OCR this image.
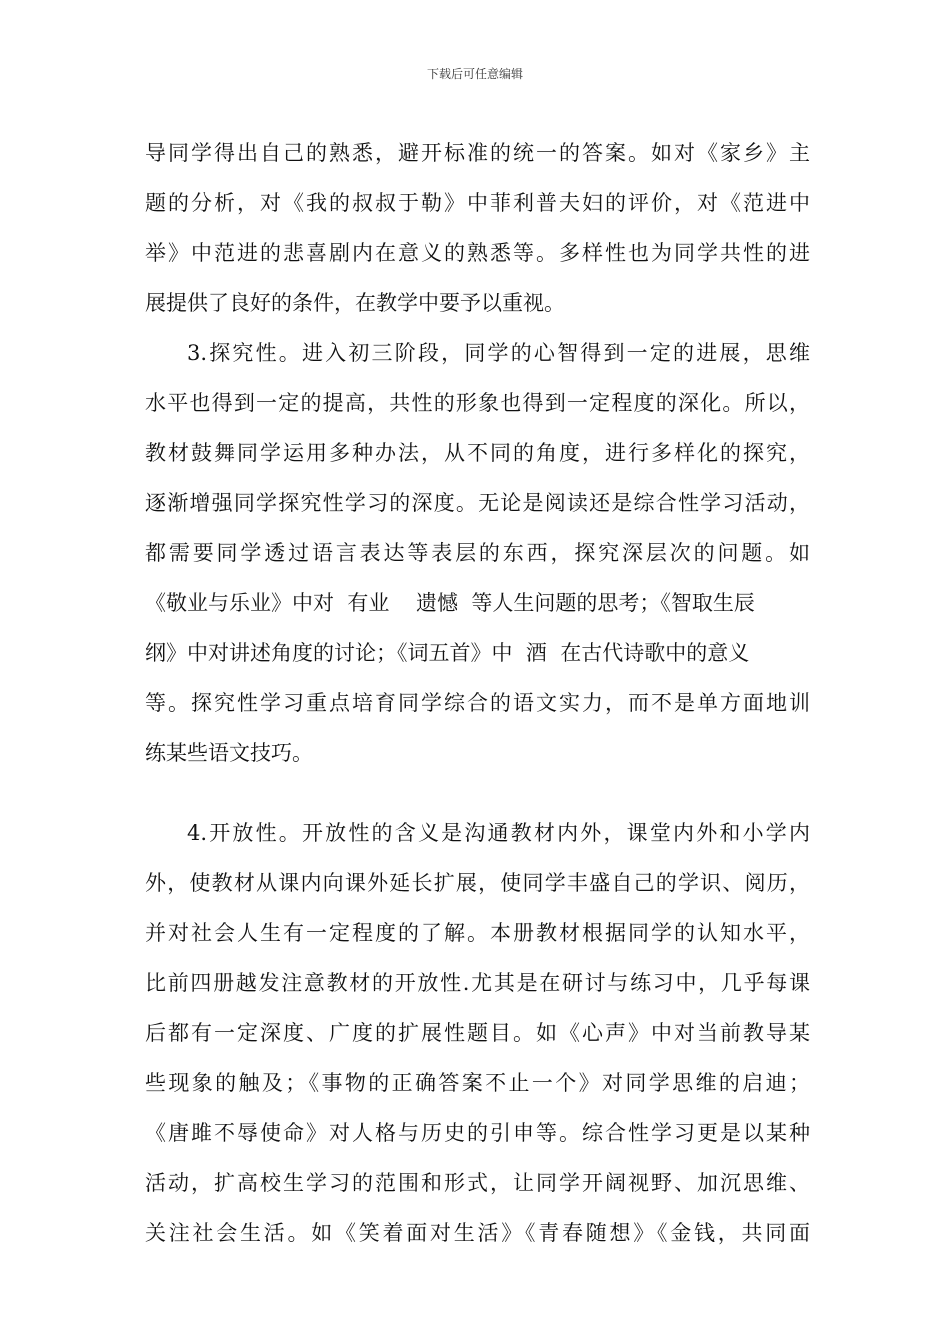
下载后可任意编辑
导同学得出自己的熟悉，避开标准的统一的答案。如对《家乡》主
题的分析，对《我的叔叔于勒》中菲利普夫妇的评价，对《范进中
举》中范进的悲喜剧内在意义的熟悉等。多样性也为同学共性的进
展提供了良好的条件，在教学中要予以重视。
3.探究性。进入初三阶段，同学的心智得到一定的进展，思维
水平也得到一定的提高，共性的形象也得到一定程度的深化。所以，
教材鼓舞同学运用多种办法，从不同的角度，进行多样化的探究，
逐渐增强同学探究性学习的深度。无论是阅读还是综合性学习活动，
都需要同学透过语言表达等表层的东西，探究深层次的问题。如
《敬业与乐业》中对  有业    遗憾  等人生问题的思考；《智取生辰
纲》中对讲述角度的讨论；《词五首》中  酒  在古代诗歌中的意义
等。探究性学习重点培育同学综合的语文实力，而不是单方面地训
练某些语文技巧。
4.开放性。开放性的含义是沟通教材内外，课堂内外和小学内
外，使教材从课内向课外延长扩展，使同学丰盛自己的学识、阅历，
并对社会人生有一定程度的了解。本册教材根据同学的认知水平，
比前四册越发注意教材的开放性.尤其是在研讨与练习中，几乎每课
后都有一定深度、广度的扩展性题目。如《心声》中对当前教导某
些现象的触及；《事物的正确答案不止一个》对同学思维的启迪；
《唐雎不辱使命》对人格与历史的引申等。综合性学习更是以某种
活动，扩高校生学习的范围和形式，让同学开阔视野、加沉思维、
关注社会生活。如《笑着面对生活》《青春随想》《金钱，共同面
